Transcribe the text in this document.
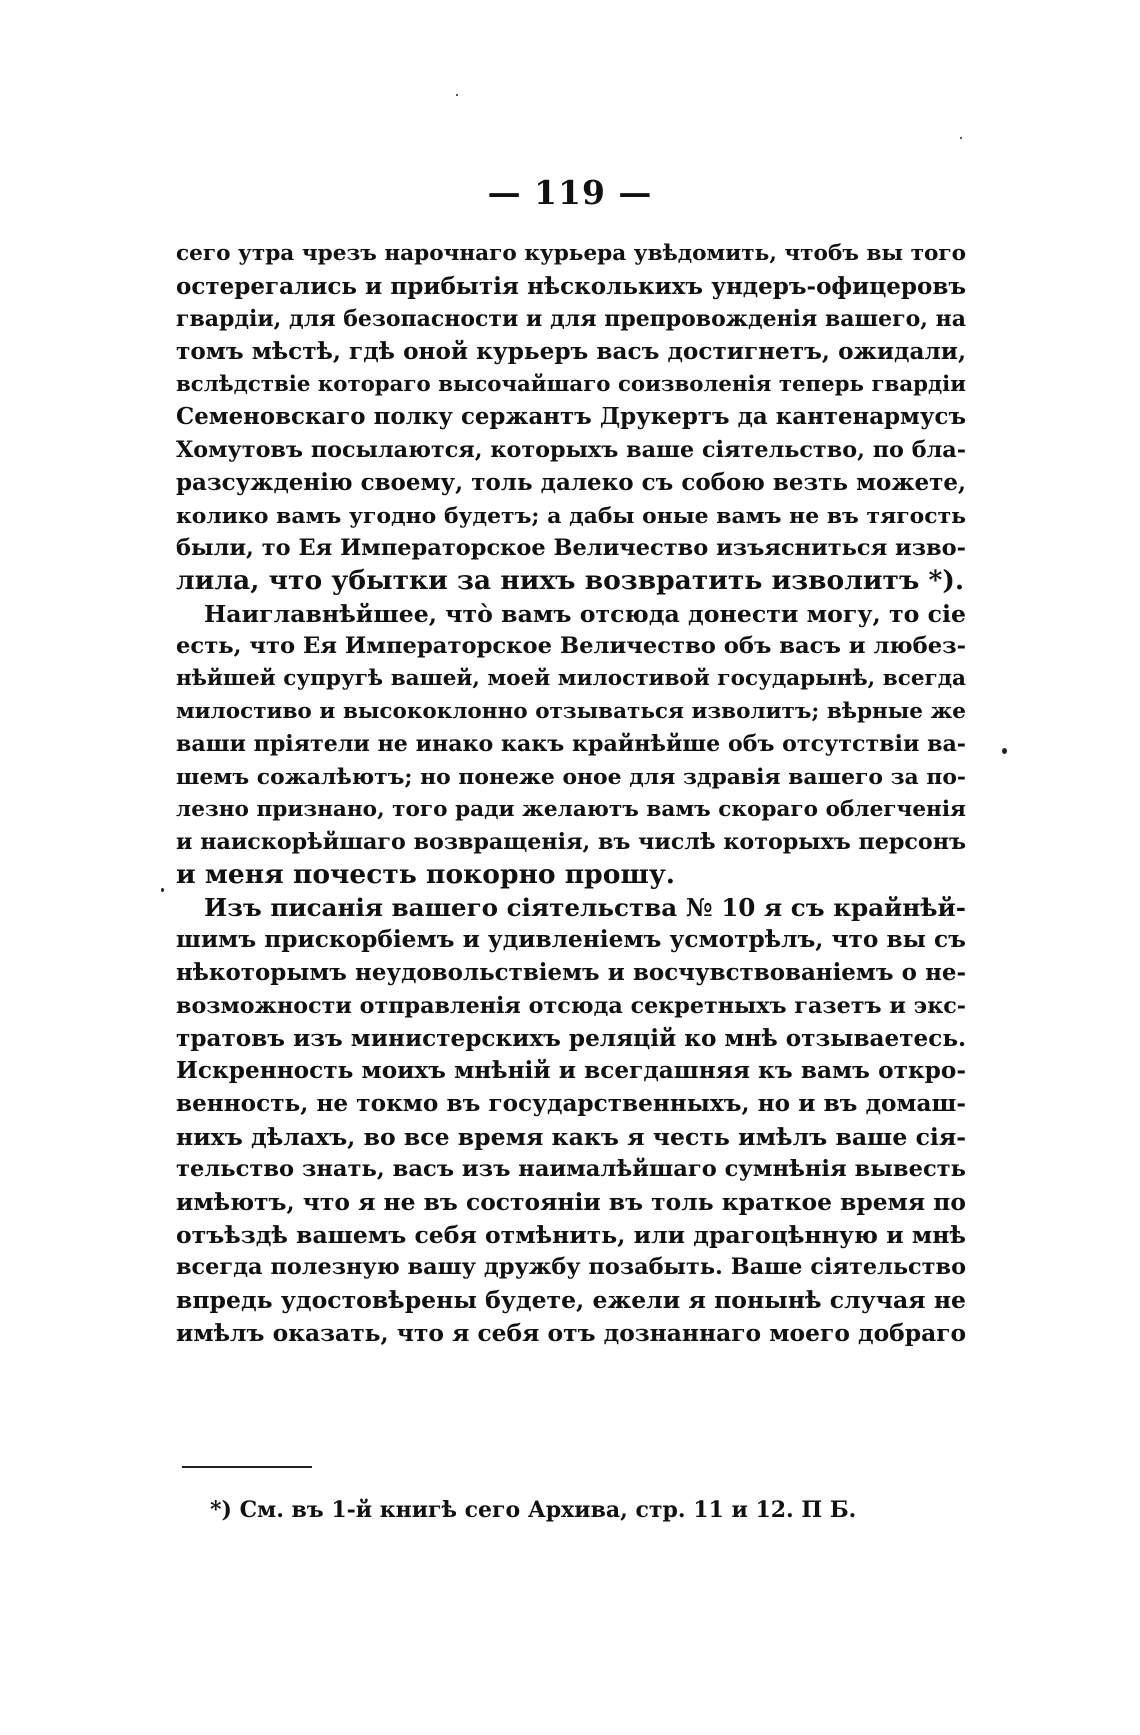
— 119 —
сего утра чрезъ нарочнаго курьера увѣдомить, чтобъ вы того
остерегались и прибытія нѣсколькихъ ундеръ-офицеровъ
гвардіи, для безопасности и для препровожденія вашего, на
томъ мѣстѣ, гдѣ оной курьеръ васъ достигнетъ, ожидали,
вслѣдствіе котораго высочайшаго соизволенія теперь гвардіи
Семеновскаго полку сержантъ Друкертъ да кантенармусъ
Хомутовъ посылаются, которыхъ ваше сіятельство, по бла-
разсужденію своему, толь далеко съ собою везть можете,
колико вамъ угодно будетъ; а дабы оные вамъ не въ тягость
были, то Ея Императорское Величество изъясниться изво-
лила, что убытки за нихъ возвратить изволитъ *).
Наиглавнѣйшее, что̀ вамъ отсюда донести могу, то сіе
есть, что Ея Императорское Величество объ васъ и любез-
нѣйшей супругѣ вашей, моей милостивой государынѣ, всегда
милостиво и высококлонно отзываться изволитъ; вѣрные же
ваши пріятели не инако какъ крайнѣйше объ отсутствіи ва-
шемъ сожалѣютъ; но понеже оное для здравія вашего за по-
лезно признано, того ради желаютъ вамъ скораго облегченія
и наискорѣйшаго возвращенія, въ числѣ которыхъ персонъ
и меня почесть покорно прошу.
Изъ писанія вашего сіятельства № 10 я съ крайнѣй-
шимъ прискорбіемъ и удивленіемъ усмотрѣлъ, что вы съ
нѣкоторымъ неудовольствіемъ и восчувствованіемъ о не-
возможности отправленія отсюда секретныхъ газетъ и экс-
тратовъ изъ министерскихъ реляцій ко мнѣ отзываетесь.
Искренность моихъ мнѣній и всегдашняя къ вамъ откро-
венность, не токмо въ государственныхъ, но и въ домаш-
нихъ дѣлахъ, во все время какъ я честь имѣлъ ваше сія-
тельство знать, васъ изъ наималѣйшаго сумнѣнія вывесть
имѣютъ, что я не въ состояніи въ толь краткое время по
отъѣздѣ вашемъ себя отмѣнить, или драгоцѣнную и мнѣ
всегда полезную вашу дружбу позабыть. Ваше сіятельство
впредь удостовѣрены будете, ежели я понынѣ случая не
имѣлъ оказать, что я себя отъ дознаннаго моего добраго
*) См. въ 1-й книгѣ сего Архива, стр. 11 и 12. П Б.
